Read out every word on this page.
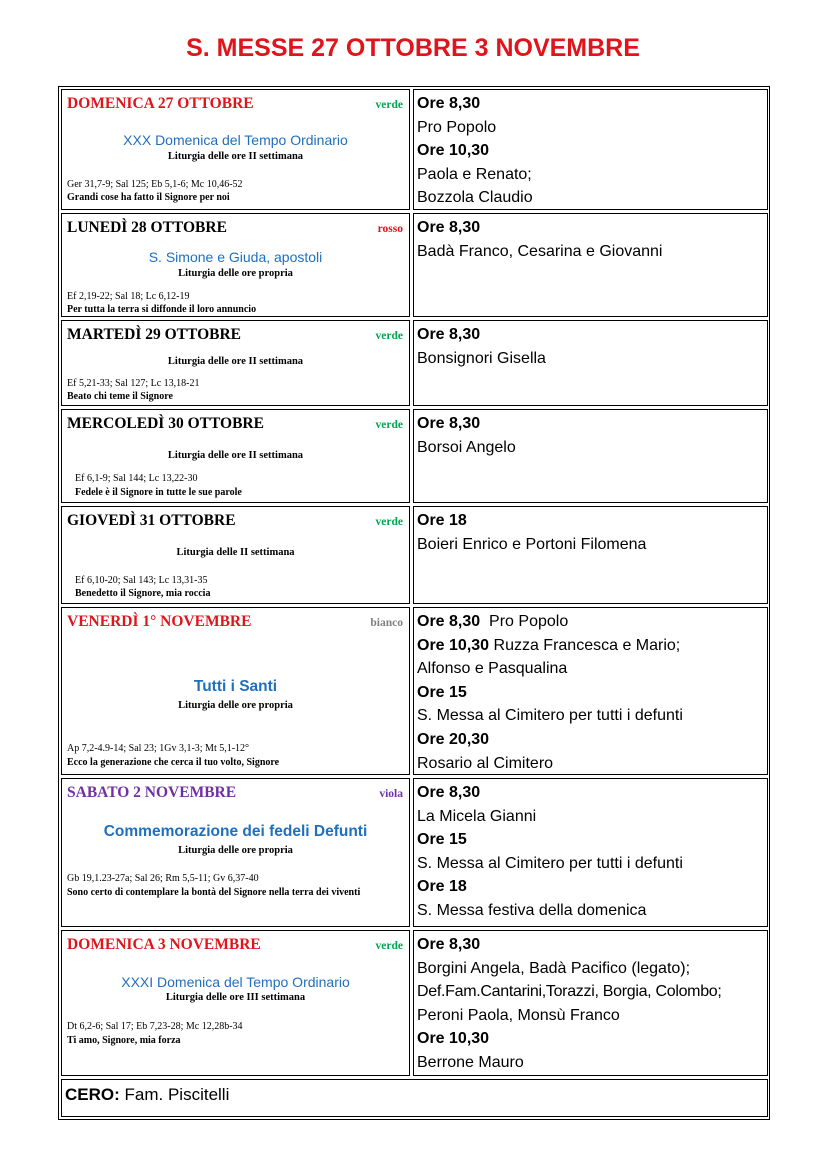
S. MESSE 27 OTTOBRE 3 NOVEMBRE
DOMENICA 27 OTTOBRE	verde
XXX Domenica del Tempo Ordinario
Liturgia delle ore II settimana
Ger 31,7-9; Sal 125; Eb 5,1-6; Mc 10,46-52
Grandi cose ha fatto il Signore per noi
Ore 8,30
Pro Popolo
Ore 10,30
Paola e Renato;
Bozzola Claudio
LUNEDÌ 28 OTTOBRE	rosso
S. Simone e Giuda, apostoli
Liturgia delle ore propria
Ef 2,19-22; Sal 18; Lc 6,12-19
Per tutta la terra si diffonde il loro annuncio
Ore 8,30
Badà Franco, Cesarina e Giovanni
MARTEDÌ 29 OTTOBRE	verde
Liturgia delle ore II settimana
Ef 5,21-33; Sal 127; Lc 13,18-21
Beato chi teme il Signore
Ore 8,30
Bonsignori Gisella
MERCOLEDÌ 30 OTTOBRE	verde
Liturgia delle ore II settimana
Ef 6,1-9; Sal 144; Lc 13,22-30
Fedele è il Signore in tutte le sue parole
Ore 8,30
Borsoi Angelo
GIOVEDÌ 31 OTTOBRE	verde
Liturgia delle II settimana
Ef 6,10-20; Sal 143; Lc 13,31-35
Benedetto il Signore, mia roccia
Ore 18
Boieri Enrico e Portoni Filomena
VENERDÌ 1° NOVEMBRE	bianco
Tutti i Santi
Liturgia delle ore propria
Ap 7,2-4.9-14; Sal 23; 1Gv 3,1-3; Mt 5,1-12°
Ecco la generazione che cerca il tuo volto, Signore
Ore 8,30  Pro Popolo
Ore 10,30 Ruzza Francesca e Mario;
Alfonso e Pasqualina
Ore 15
S. Messa al Cimitero per tutti i defunti
Ore 20,30
Rosario al Cimitero
SABATO 2 NOVEMBRE	viola
Commemorazione dei fedeli Defunti
Liturgia delle ore propria
Gb 19,1.23-27a; Sal 26; Rm 5,5-11; Gv 6,37-40
Sono certo di contemplare la bontà del Signore nella terra dei viventi
Ore 8,30
La Micela Gianni
Ore 15
S. Messa al Cimitero per tutti i defunti
Ore 18
S. Messa festiva della domenica
DOMENICA 3 NOVEMBRE	verde
XXXI Domenica del Tempo Ordinario
Liturgia delle ore III settimana
Dt 6,2-6; Sal 17; Eb 7,23-28; Mc 12,28b-34
Ti amo, Signore, mia forza
Ore 8,30
Borgini Angela, Badà Pacifico (legato);
Def.Fam.Cantarini,Torazzi, Borgia, Colombo;
Peroni Paola, Monsù Franco
Ore 10,30
Berrone Mauro
CERO: Fam. Piscitelli
